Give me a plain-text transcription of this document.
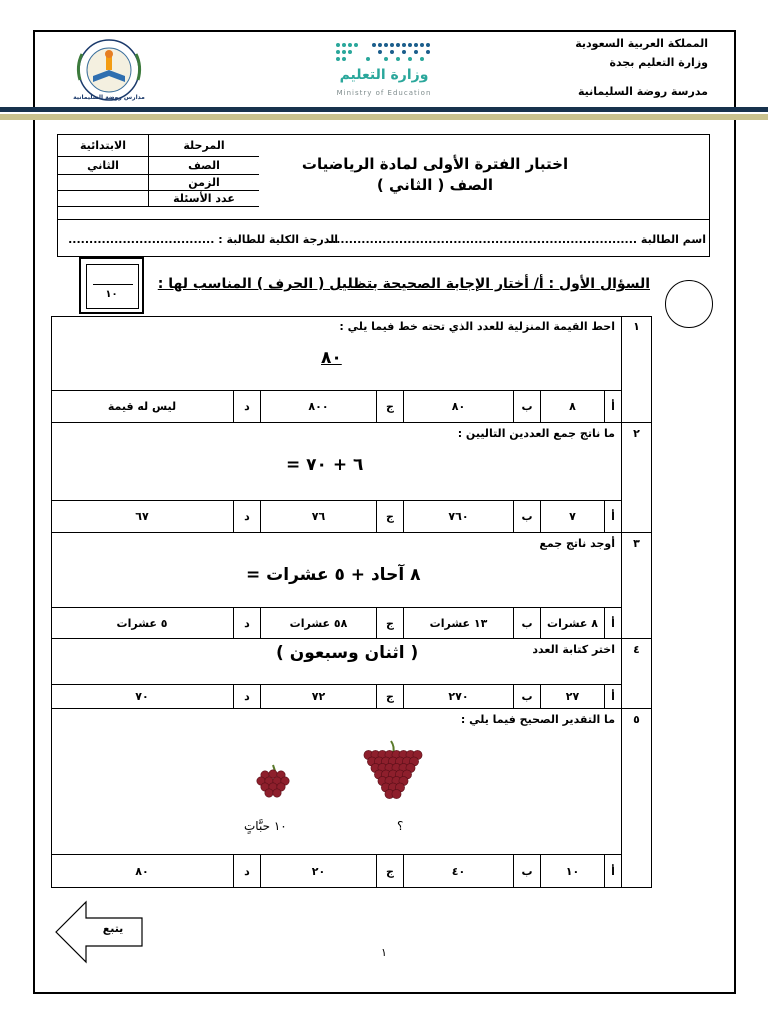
المملكة العربية السعودية
وزارة التعليم بجدة
مدرسة روضة السليمانية
وزارة التعليم
Ministry of Education
مدارس روضة السليمانية
اختبار الفترة الأولى لمادة الرياضيات
الصف ( الثاني )
الابتدائية	المرحلة
الثاني	الصف
الزمن
عدد الأسئلة
اسم الطالبة ..........................................................................
الدرجة الكلية للطالبة : ...................................
١٠
السؤال الأول : أ/ أختار الإجابة الصحيحة بتظليل ( الحرف ) المناسب لها :
١
احط القيمة المنزلية للعدد الذي تحته خط فيما يلي :
٨٠
ليس له قيمة	د	٨٠٠	ج	٨٠	ب	٨	أ
٢
ما ناتج جمع العددين التاليين :
٦ + ٧٠ =
٦٧	د	٧٦	ج	٧٦٠	ب	٧	أ
٣
أوجد ناتج جمع
٨ آحاد + ٥ عشرات =
٥ عشرات	د	٥٨ عشرات	ج	١٣ عشرات	ب	٨ عشرات	أ
٤
اختر كتابة العدد
( اثنان وسبعون )
٧٠	د	٧٢	ج	٢٧٠	ب	٢٧	أ
٥
ما التقدير الصحيح فيما يلي :
١٠ حبَّاتٍ	؟
٨٠	د	٢٠	ج	٤٠	ب	١٠	أ
يتبع
١
